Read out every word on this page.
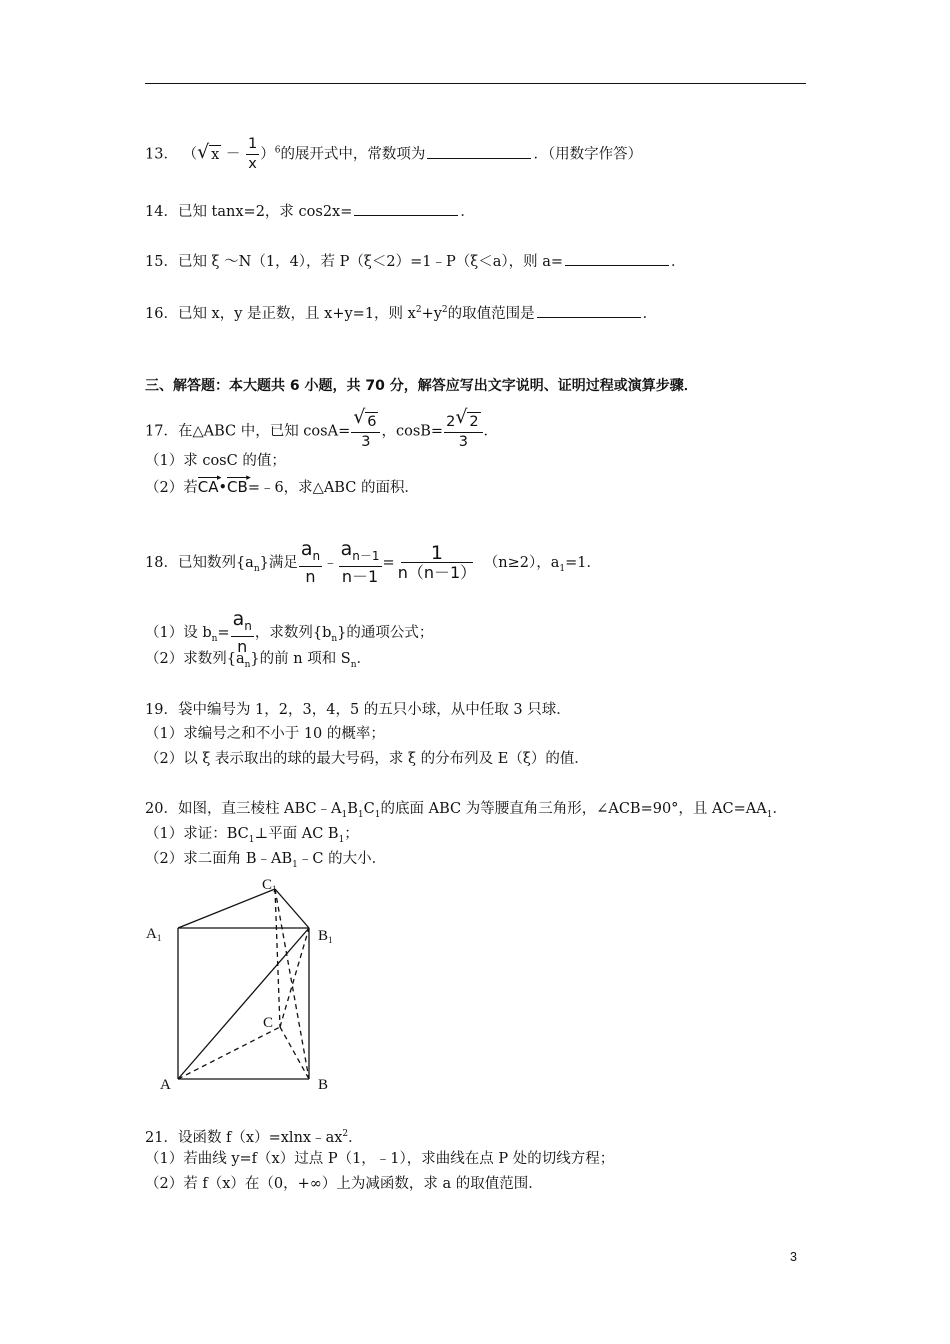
13． （ √ $x - \frac{1}{x} )^6$的展开式中，常数项为	．（用数字作答）
14．已知 tanx=2，求 cos2x=	．
15．已知 ξ ～N（1，4），若 P（ξ＜2）=1﹣P（ξ＜a），则 a=	．
16．已知 x，y 是正数，且 x+y=1，则 $x^2+y^2$的取值范围是	．
三、解答题：本大题共 6 小题，共 70 分，解答应写出文字说明、证明过程或演算步骤．
17．在△ABC 中，已知 cosA= √ $\frac{6}{3}$ ，$\cos B= \frac{2 √ 2}{3}$ ．
（1）求 cosC 的值；
（2）若CA ▸•CB ▸=﹣6，求△ABC 的面积．
18．已知数列$\{a_n\}$满足 $\frac{a_n}{n}$ ﹣ $\frac{a_{n-1}}{n-1} = \frac{1}{n(n-1)} (n\ge 2)$，$a_1=1$．
（1）设 $b_n= \frac{a_n}{n}$ ，求数列$\{b_n\}$的通项公式；
（2）求数列$\{a_n\}$的前 n 项和 $S_n$．
19．袋中编号为 1，2，3，4，5 的五只小球，从中任取 3 只球．
（1）求编号之和不小于 10 的概率；
（2）以 ξ 表示取出的球的最大号码，求 ξ 的分布列及 E（ξ）的值．
20．如图，直三棱柱 $ABC﹣A_1B_1C_1$的底面 ABC 为等腰直角三角形，∠ACB=90°，且 $AC=AA_1$．
（1）求证：$BC_1\perp$平面 AC $B_1$；
（2）求二面角 $B﹣AB_1﹣C$ 的大小．
$C_1$
$A_1$	$B_1$
C
A	B
21．设函数 $f(x)=xlnx﹣ax^2$．
（1）若曲线 y=f（x）过点 P（1，﹣1），求曲线在点 P 处的切线方程；
（2）若 f（x）在（0，+∞）上为减函数，求 a 的取值范围．
3
